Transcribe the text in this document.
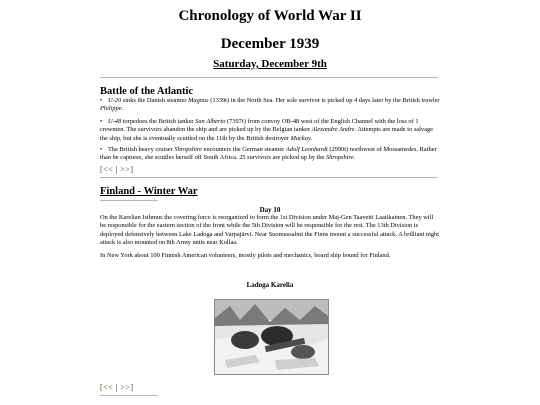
Chronology of World War II
December 1939
Saturday, December 9th
Battle of the Atlantic
• U-20 sinks the Danish steamer Magnus (1339t) in the North Sea. Her sole survivor is picked up 4 days later by the British trawler Philippe.
• U-48 torpedoes the British tanker San Alberto (7397t) from convoy OB-48 west of the English Channel with the loss of 1 crewmen. The survivors abandon the ship and are picked up by the Belgian tanker Alexandre Andre. Attempts are made to salvage the ship, but she is eventually scuttled on the 11th by the British destroyer Mackay.
• The British heavy cruiser Shropshire encounters the German steamer Adolf Leonhardt (2990t) northwest of Mossamedes. Rather than be captures, she scuttles herself off South Africa. 25 survivors are picked up by the Shropshire.
[<< | >>]
Finland - Winter War
Day 10
On the Karelian Isthmus the covering force is reorganized to form the 1st Division under Maj-Gen Taavetti Laatikainen. They will be responsible for the eastern section of the front while the 5th Division will be responsible for the rest. The 13th Division is deployed defensively between Lake Ladoga and Varpajärvi. Near Suomussalmi the Finns mount a successful attack. A brilliant night attack is also mounted on 8th Army units near Kollaa.
In New York about 100 Finnish American volunteers, mostly pilots and mechanics, board ship bound for Finland.
Ladoga Karelia
[<< | >>]
